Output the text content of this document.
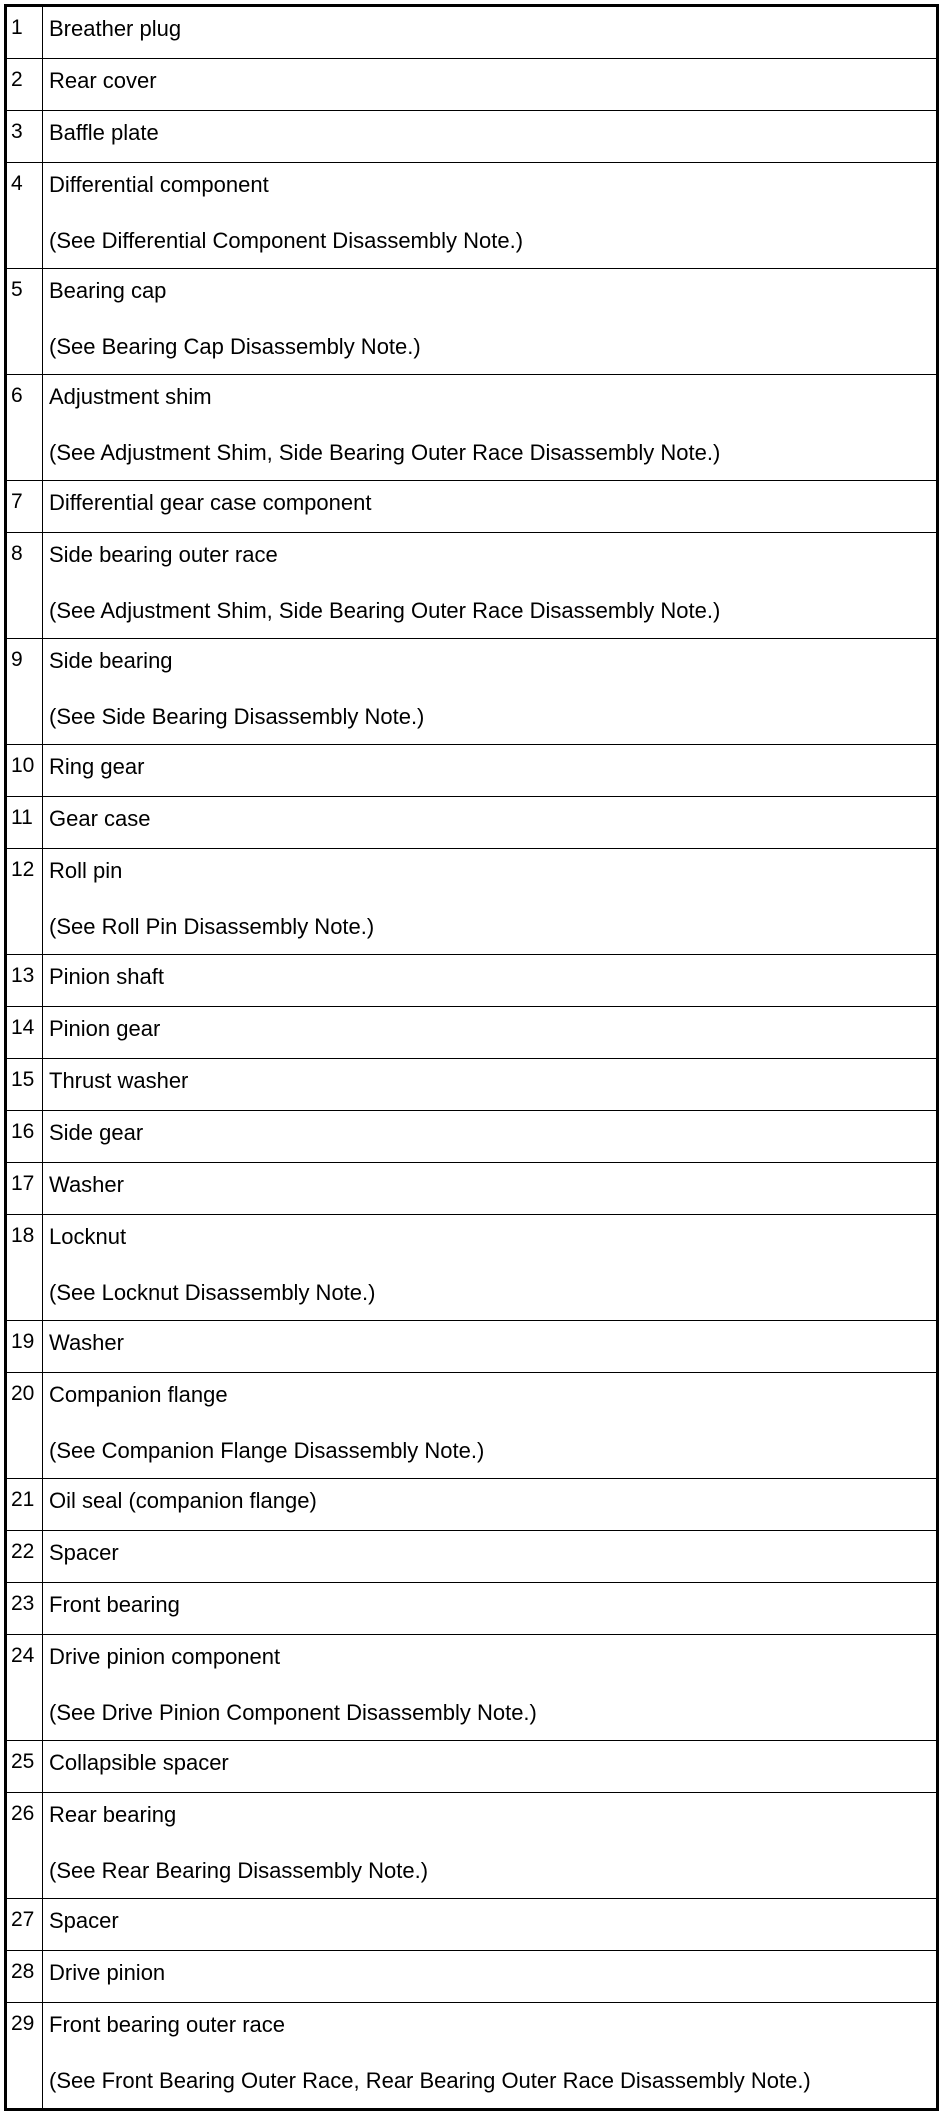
1	Breather plug

2	Rear cover

3	Baffle plate

4	Differential component
(See Differential Component Disassembly Note.)

5	Bearing cap
(See Bearing Cap Disassembly Note.)

6	Adjustment shim
(See Adjustment Shim, Side Bearing Outer Race Disassembly Note.)

7	Differential gear case component

8	Side bearing outer race
(See Adjustment Shim, Side Bearing Outer Race Disassembly Note.)

9	Side bearing
(See Side Bearing Disassembly Note.)

10	Ring gear

11	Gear case

12	Roll pin
(See Roll Pin Disassembly Note.)

13	Pinion shaft

14	Pinion gear

15	Thrust washer

16	Side gear

17	Washer

18	Locknut
(See Locknut Disassembly Note.)

19	Washer

20	Companion flange
(See Companion Flange Disassembly Note.)

21	Oil seal (companion flange)

22	Spacer

23	Front bearing

24	Drive pinion component
(See Drive Pinion Component Disassembly Note.)

25	Collapsible spacer

26	Rear bearing
(See Rear Bearing Disassembly Note.)

27	Spacer

28	Drive pinion

29	Front bearing outer race
(See Front Bearing Outer Race, Rear Bearing Outer Race Disassembly Note.)
